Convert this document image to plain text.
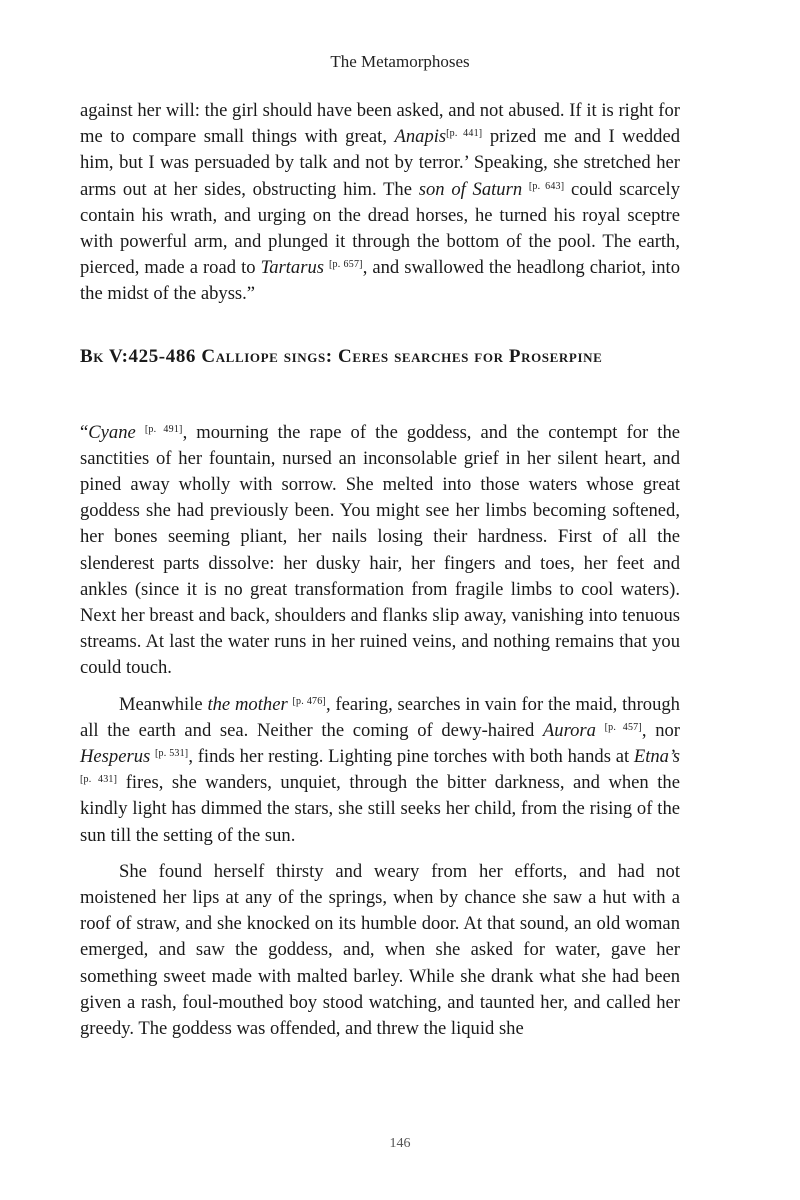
The Metamorphoses

against her will: the girl should have been asked, and not abused. If it is right for me to compare small things with great, Anapis[p. 441] prized me and I wedded him, but I was persuaded by talk and not by terror.’ Speaking, she stretched her arms out at her sides, obstructing him. The son of Saturn [p. 643] could scarcely contain his wrath, and urging on the dread horses, he turned his royal sceptre with powerful arm, and plunged it through the bottom of the pool. The earth, pierced, made a road to Tartarus [p. 657], and swallowed the headlong chariot, into the midst of the abyss.”

Bk V:425-486 Calliope sings: Ceres searches for Proserpine

“Cyane [p. 491], mourning the rape of the goddess, and the contempt for the sanctities of her fountain, nursed an inconsolable grief in her silent heart, and pined away wholly with sorrow. She melted into those waters whose great goddess she had previously been. You might see her limbs becoming softened, her bones seeming pliant, her nails losing their hardness. First of all the slenderest parts dissolve: her dusky hair, her fingers and toes, her feet and ankles (since it is no great transformation from fragile limbs to cool waters). Next her breast and back, shoulders and flanks slip away, vanishing into tenuous streams. At last the water runs in her ruined veins, and nothing remains that you could touch.

Meanwhile the mother [p. 476], fearing, searches in vain for the maid, through all the earth and sea. Neither the coming of dewy-haired Aurora [p. 457], nor Hesperus [p. 531], finds her resting. Lighting pine torches with both hands at Etna’s [p. 431] fires, she wanders, unquiet, through the bitter darkness, and when the kindly light has dimmed the stars, she still seeks her child, from the rising of the sun till the setting of the sun.

She found herself thirsty and weary from her efforts, and had not moistened her lips at any of the springs, when by chance she saw a hut with a roof of straw, and she knocked on its humble door. At that sound, an old woman emerged, and saw the goddess, and, when she asked for water, gave her something sweet made with malted barley. While she drank what she had been given a rash, foul-mouthed boy stood watching, and taunted her, and called her greedy. The goddess was offended, and threw the liquid she

146
